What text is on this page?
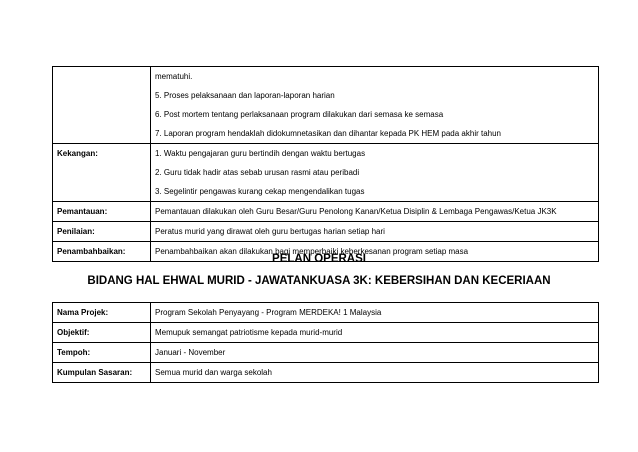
mematuhi.
5. Proses pelaksanaan dan laporan-laporan harian
6. Post mortem tentang perlaksanaan program dilakukan dari semasa ke semasa
7. Laporan program hendaklah didokumnetasikan dan dihantar kepada PK HEM pada akhir tahun

Kekangan:	1. Waktu pengajaran guru bertindih dengan waktu bertugas
2. Guru tidak hadir atas sebab urusan rasmi atau peribadi
3. Segelintir pengawas kurang cekap mengendalikan tugas

Pemantauan:	Pemantauan dilakukan oleh Guru Besar/Guru Penolong Kanan/Ketua Disiplin & Lembaga Pengawas/Ketua JK3K

Penilaian:	Peratus murid yang dirawat oleh guru bertugas harian setiap hari

Penambahbaikan:	Penambahbaikan akan dilakukan bagi memperbaiki keberkesanan program setiap masa
PELAN OPERASI
BIDANG HAL EHWAL MURID - JAWATANKUASA 3K: KEBERSIHAN DAN KECERIAAN
Nama Projek:	Program Sekolah Penyayang - Program MERDEKA! 1 Malaysia

Objektif:	Memupuk semangat patriotisme kepada murid-murid

Tempoh:	Januari - November

Kumpulan Sasaran:	Semua murid dan warga sekolah
